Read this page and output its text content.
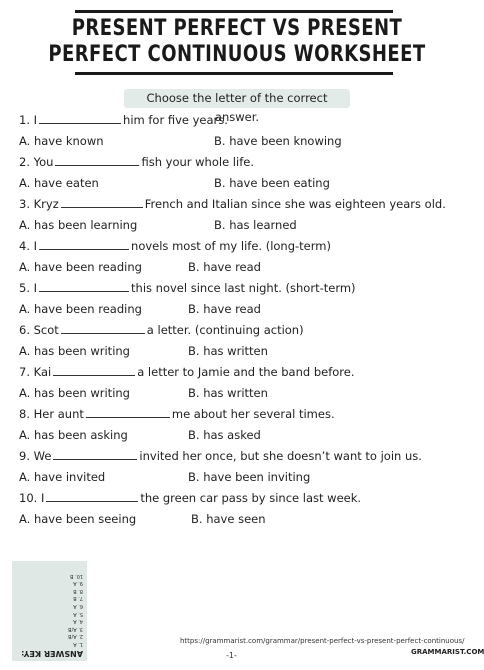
PRESENT PERFECT VS PRESENT
PERFECT CONTINUOUS WORKSHEET
Choose the letter of the correct answer.
1. I	him for five years.
A. have known	B. have been knowing
2. You	fish your whole life.
A. have eaten	B. have been eating
3. Kryz	French and Italian since she was eighteen years old.
A. has been learning	B. has learned
4. I	novels most of my life. (long-term)
A. have been reading	B. have read
5. I	this novel since last night. (short-term)
A. have been reading	B. have read
6. Scot	a letter. (continuing action)
A. has been writing	B. has written
7. Kai	a letter to Jamie and the band before.
A. has been writing	B. has written
8. Her aunt	me about her several times.
A. has been asking	B. has asked
9. We	invited her once, but she doesn’t want to join us.
A. have invited	B. have been inviting
10. I	the green car pass by since last week.
A. have been seeing	B. have seen
ANSWER KEY:
1. A
2. A/B
3. A/B
4. A
5. A
6. A
7. B
8. B
9. A
10. B
https://grammarist.com/grammar/present-perfect-vs-present-perfect-continuous/
-1-	GRAMMARIST.COM
